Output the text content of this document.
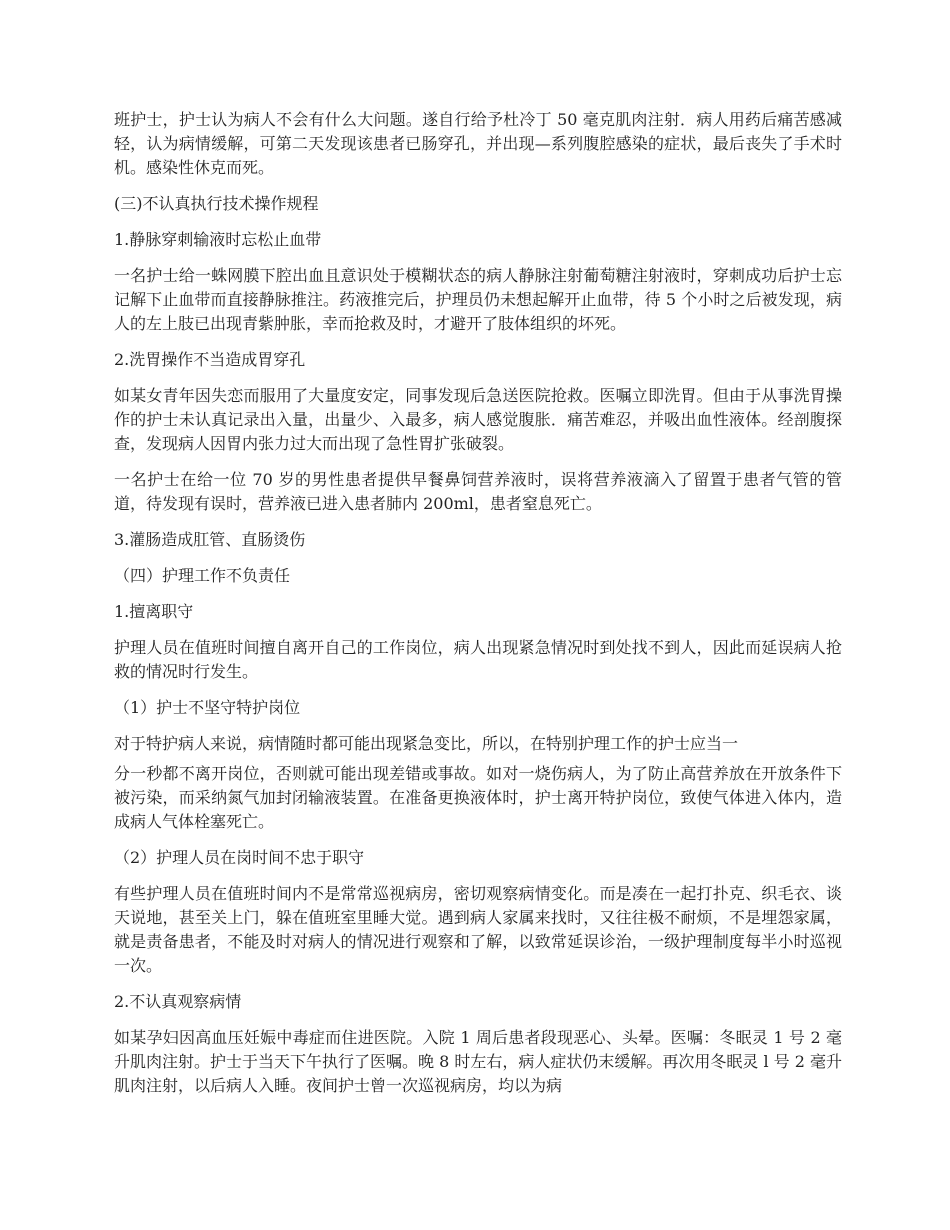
班护士，护士认为病人不会有什么大问题。遂自行给予杜冷丁 50 毫克肌肉注射．病人用药后痛苦感减轻，认为病情缓解，可第二天发现该患者已肠穿孔，并出现—系列腹腔感染的症状，最后丧失了手术时机。感染性休克而死。

(三)不认真执行技术操作规程

1.静脉穿刺输液时忘松止血带

一名护士给一蛛网膜下腔出血且意识处于模糊状态的病人静脉注射葡萄糖注射液时，穿刺成功后护士忘记解下止血带而直接静脉推注。药液推完后，护理员仍未想起解开止血带，待 5 个小时之后被发现，病人的左上肢已出现青紫肿胀，幸而抢救及时，才避开了肢体组织的坏死。

2.洗胃操作不当造成胃穿孔

如某女青年因失恋而服用了大量度安定，同事发现后急送医院抢救。医嘱立即洗胃。但由于从事洗胃操作的护士未认真记录出入量，出量少、入最多，病人感觉腹胀．痛苦难忍，并吸出血性液体。经剖腹探查，发现病人因胃内张力过大而出现了急性胃扩张破裂。

一名护士在给一位 70 岁的男性患者提供早餐鼻饲营养液时，误将营养液滴入了留置于患者气管的管道，待发现有误时，营养液已进入患者肺内 200ml，患者窒息死亡。

3.灌肠造成肛管、直肠烫伤

（四）护理工作不负责任

1.擅离职守

护理人员在值班时间擅自离开自己的工作岗位，病人出现紧急情况时到处找不到人，因此而延误病人抢救的情况时行发生。

（1）护士不坚守特护岗位

对于特护病人来说，病情随时都可能出现紧急变比，所以，在特别护理工作的护士应当一

分一秒都不离开岗位，否则就可能出现差错或事故。如对一烧伤病人，为了防止高营养放在开放条件下被污染，而采纳氮气加封闭输液装置。在准备更换液体时，护士离开特护岗位，致使气体进入体内，造成病人气体栓塞死亡。

（2）护理人员在岗时间不忠于职守

有些护理人员在值班时间内不是常常巡视病房，密切观察病情变化。而是凑在一起打扑克、织毛衣、谈天说地，甚至关上门，躲在值班室里睡大觉。遇到病人家属来找时，又往往极不耐烦，不是埋怨家属，就是责备患者，不能及时对病人的情况进行观察和了解，以致常延误诊治，一级护理制度每半小时巡视一次。

2.不认真观察病情

如某孕妇因高血压妊娠中毒症而住进医院。入院 1 周后患者段现恶心、头晕。医嘱：冬眠灵 1 号 2 毫升肌肉注射。护士于当天下午执行了医嘱。晚 8 时左右，病人症状仍末缓解。再次用冬眠灵 l 号 2 毫升肌肉注射，以后病人入睡。夜间护士曾一次巡视病房，均以为病
